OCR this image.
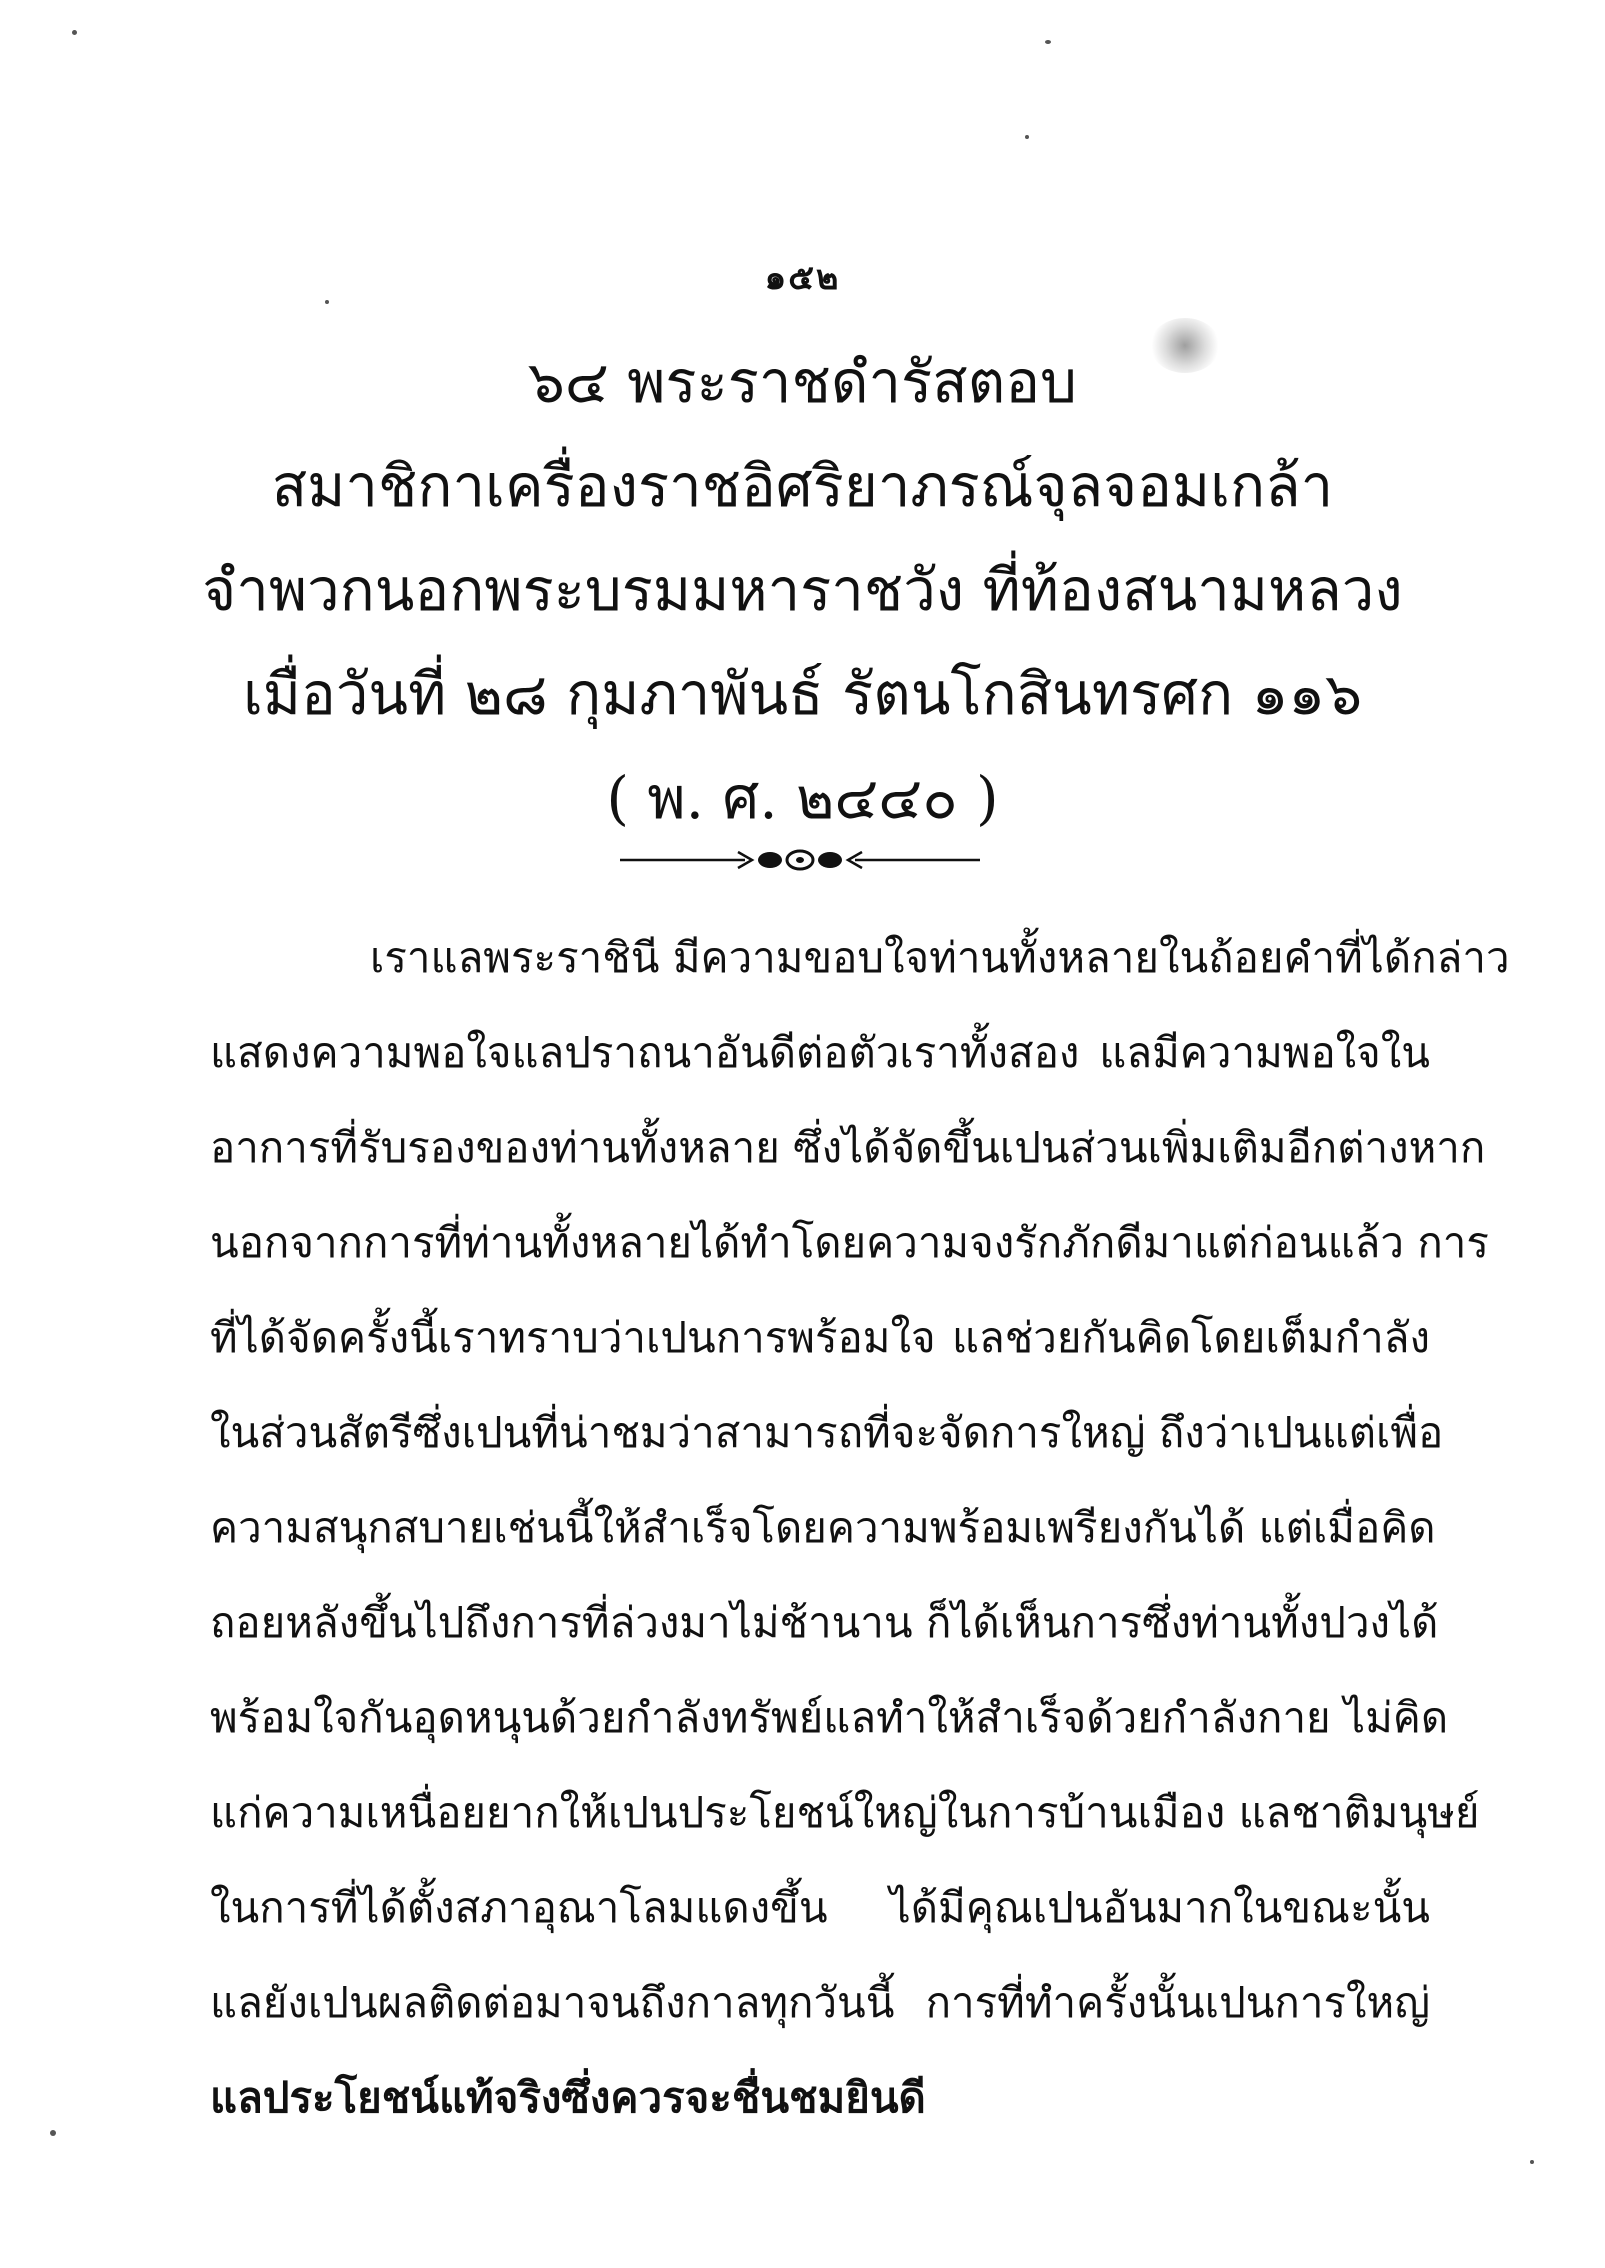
๑๕๒
๖๔ พระราชดำรัสตอบ
สมาชิกาเครื่องราชอิศริยาภรณ์จุลจอมเกล้า
จำพวกนอกพระบรมมหาราชวัง ที่ท้องสนามหลวง
เมื่อวันที่ ๒๘ กุมภาพันธ์ รัตนโกสินทรศก ๑๑๖
( พ. ศ. ๒๔๔๐ )
เราแลพระราชินี มีความขอบใจท่านทั้งหลายในถ้อยคำที่ได้กล่าว
แสดงความพอใจแลปราถนาอันดีต่อตัวเราทั้งสอง แลมีความพอใจใน
อาการที่รับรองของท่านทั้งหลาย ซึ่งได้จัดขึ้นเปนส่วนเพิ่มเติมอีกต่างหาก
นอกจากการที่ท่านทั้งหลายได้ทำโดยความจงรักภักดีมาแต่ก่อนแล้ว การ
ที่ได้จัดครั้งนี้เราทราบว่าเปนการพร้อมใจ แลช่วยกันคิดโดยเต็มกำลัง
ในส่วนสัตรีซึ่งเปนที่น่าชมว่าสามารถที่จะจัดการใหญ่ ถึงว่าเปนแต่เพื่อ
ความสนุกสบายเช่นนี้ให้สำเร็จโดยความพร้อมเพรียงกันได้ แต่เมื่อคิด
ถอยหลังขึ้นไปถึงการที่ล่วงมาไม่ช้านาน ก็ได้เห็นการซึ่งท่านทั้งปวงได้
พร้อมใจกันอุดหนุนด้วยกำลังทรัพย์แลทำให้สำเร็จด้วยกำลังกาย ไม่คิด
แก่ความเหนื่อยยากให้เปนประโยชน์ใหญ่ในการบ้านเมือง แลชาติมนุษย์
ในการที่ได้ตั้งสภาอุณาโลมแดงขึ้น ได้มีคุณเปนอันมากในขณะนั้น
แลยังเปนผลติดต่อมาจนถึงกาลทุกวันนี้ การที่ทำครั้งนั้นเปนการใหญ่
แลประโยชน์แท้จริงซึ่งควรจะชื่นชมยินดี
